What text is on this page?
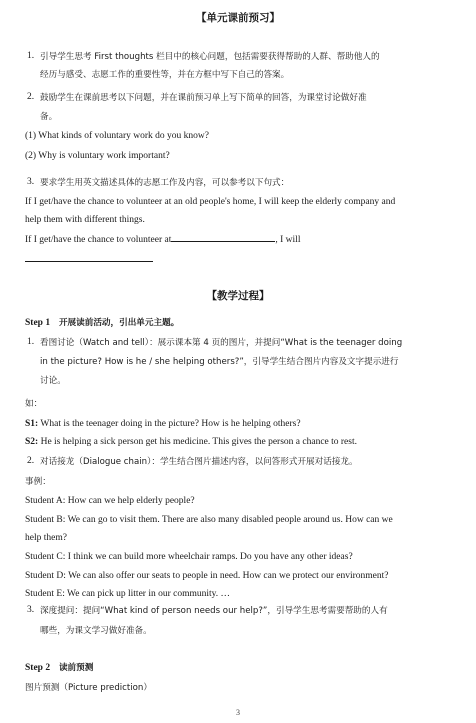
【单元课前预习】
1. 引导学生思考 First thoughts 栏目中的核心问题，包括需要获得帮助的人群、帮助他人的
经历与感受、志愿工作的重要性等，并在方框中写下自己的答案。
2. 鼓励学生在课前思考以下问题，并在课前预习单上写下简单的回答，为课堂讨论做好准
备。
(1) What kinds of voluntary work do you know?
(2) Why is voluntary work important?
3. 要求学生用英文描述具体的志愿工作及内容，可以参考以下句式：
If I get/have the chance to volunteer at an old people's home, I will keep the elderly company and
help them with different things.
If I get/have the chance to volunteer at	, I will
【教学过程】
Step 1 开展读前活动，引出单元主题。
1. 看图讨论（Watch and tell）：展示课本第 4 页的图片，并提问“What is the teenager doing
in the picture? How is he / she helping others?”，引导学生结合图片内容及文字提示进行
讨论。
如：
S1: What is the teenager doing in the picture? How is he helping others?
S2: He is helping a sick person get his medicine. This gives the person a chance to rest.
2. 对话接龙（Dialogue chain）：学生结合图片描述内容，以问答形式开展对话接龙。
事例：
Student A: How can we help elderly people?
Student B: We can go to visit them. There are also many disabled people around us. How can we
help them?
Student C: I think we can build more wheelchair ramps. Do you have any other ideas?
Student D: We can also offer our seats to people in need. How can we protect our environment?
Student E: We can pick up litter in our community. …
3. 深度提问：提问“What kind of person needs our help?”，引导学生思考需要帮助的人有
哪些，为课文学习做好准备。
Step 2 读前预测
图片预测（Picture prediction）
3
